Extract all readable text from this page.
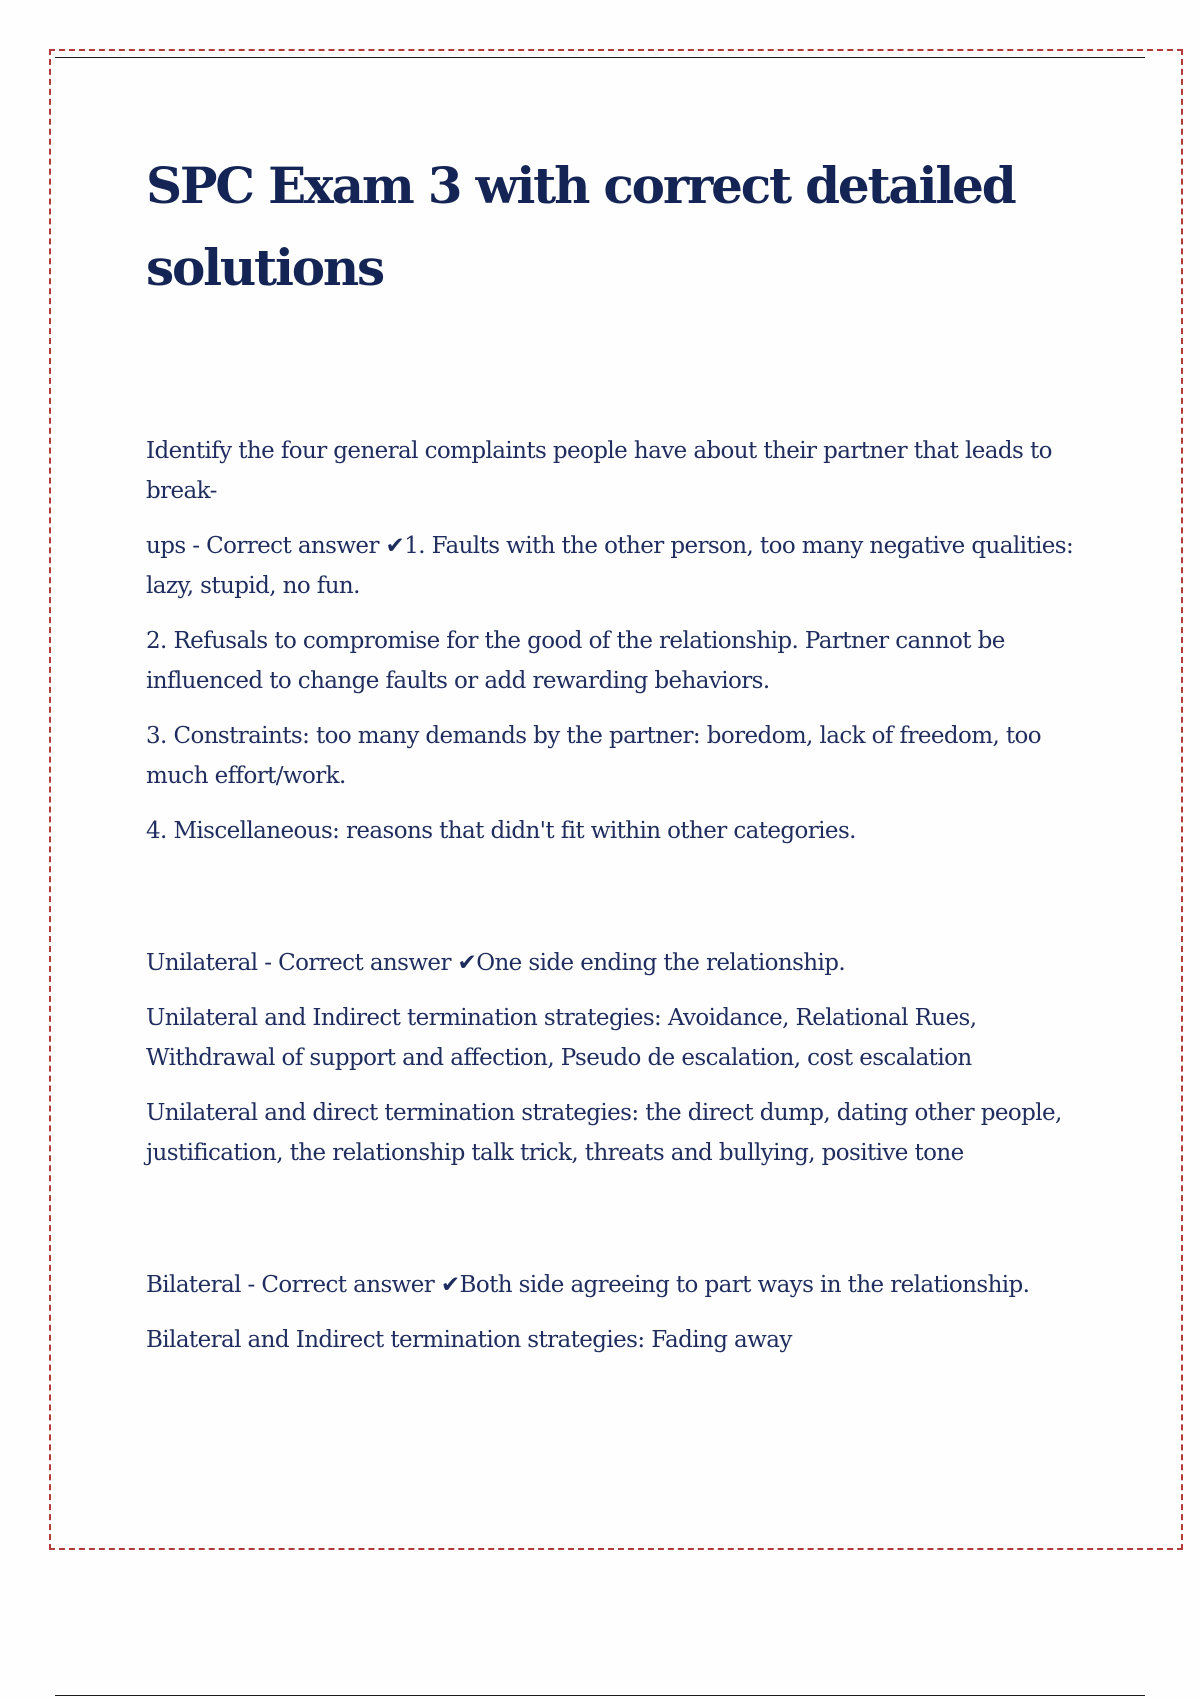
SPC Exam 3 with correct detailed solutions

Identify the four general complaints people have about their partner that leads to break-

ups - Correct answer ✔1. Faults with the other person, too many negative qualities: lazy, stupid, no fun.

2. Refusals to compromise for the good of the relationship. Partner cannot be influenced to change faults or add rewarding behaviors.

3. Constraints: too many demands by the partner: boredom, lack of freedom, too much effort/work.

4. Miscellaneous: reasons that didn't fit within other categories.

Unilateral - Correct answer ✔One side ending the relationship.

Unilateral and Indirect termination strategies: Avoidance, Relational Rues, Withdrawal of support and affection, Pseudo de escalation, cost escalation

Unilateral and direct termination strategies: the direct dump, dating other people, justification, the relationship talk trick, threats and bullying, positive tone

Bilateral - Correct answer ✔Both side agreeing to part ways in the relationship.

Bilateral and Indirect termination strategies: Fading away
